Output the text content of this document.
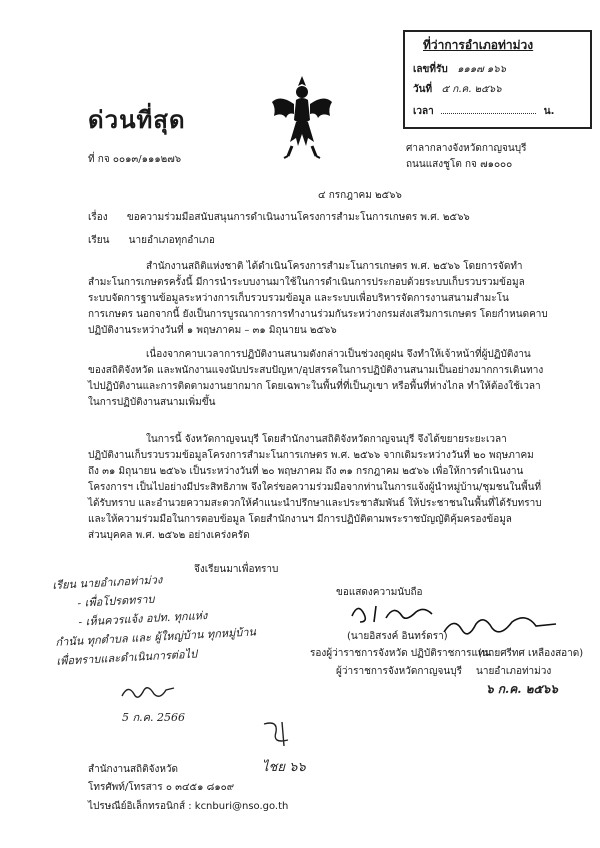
ที่ว่าการอำเภอท่าม่วง
เลขที่รับ ๑๑๑๗ ๑๖๖
วันที่ ๕ ก.ค. ๒๕๖๖
เวลา	น.
ด่วนที่สุด
ที่ กจ ๐๐๑๓/๑๑๑๒๗๖
ศาลากลางจังหวัดกาญจนบุรี
ถนนแสงชูโต กจ ๗๑๐๐๐
๔ กรกฎาคม ๒๕๖๖
เรื่อง ขอความร่วมมือสนับสนุนการดำเนินงานโครงการสำมะโนการเกษตร พ.ศ. ๒๕๖๖
เรียน นายอำเภอทุกอำเภอ
สำนักงานสถิติแห่งชาติ ได้ดำเนินโครงการสำมะโนการเกษตร พ.ศ. ๒๕๖๖ โดยการจัดทำ
สำมะโนการเกษตรครั้งนี้ มีการนำระบบงานมาใช้ในการดำเนินการประกอบด้วยระบบเก็บรวบรวมข้อมูล
ระบบจัดการฐานข้อมูลระหว่างการเก็บรวบรวมข้อมูล และระบบเพื่อบริหารจัดการงานสนามสำมะโน
การเกษตร นอกจากนี้ ยังเป็นการบูรณาการการทำงานร่วมกันระหว่างกรมส่งเสริมการเกษตร โดยกำหนดคาบ
ปฏิบัติงานระหว่างวันที่ ๑ พฤษภาคม – ๓๑ มิถุนายน ๒๕๖๖
เนื่องจากคาบเวลาการปฏิบัติงานสนามดังกล่าวเป็นช่วงฤดูฝน จึงทำให้เจ้าหน้าที่ผู้ปฏิบัติงาน
ของสถิติจังหวัด และพนักงานแจงนับประสบปัญหา/อุปสรรคในการปฏิบัติงานสนามเป็นอย่างมากการเดินทาง
ไปปฏิบัติงานและการติดตามงานยากมาก โดยเฉพาะในพื้นที่ที่เป็นภูเขา หรือพื้นที่ห่างไกล ทำให้ต้องใช้เวลา
ในการปฏิบัติงานสนามเพิ่มขึ้น
ในการนี้ จังหวัดกาญจนบุรี โดยสำนักงานสถิติจังหวัดกาญจนบุรี จึงได้ขยายระยะเวลา
ปฏิบัติงานเก็บรวบรวมข้อมูลโครงการสำมะโนการเกษตร พ.ศ. ๒๕๖๖ จากเดิมระหว่างวันที่ ๒๐ พฤษภาคม
ถึง ๓๑ มิถุนายน ๒๕๖๖ เป็นระหว่างวันที่ ๒๐ พฤษภาคม ถึง ๓๑ กรกฎาคม ๒๕๖๖ เพื่อให้การดำเนินงาน
โครงการฯ เป็นไปอย่างมีประสิทธิภาพ จึงใคร่ขอความร่วมมือจากท่านในการแจ้งผู้นำหมู่บ้าน/ชุมชนในพื้นที่
ได้รับทราบ และอำนวยความสะดวกให้คำแนะนำปรึกษาและประชาสัมพันธ์ ให้ประชาชนในพื้นที่ได้รับทราบ
และให้ความร่วมมือในการตอบข้อมูล โดยสำนักงานฯ มีการปฏิบัติตามพระราชบัญญัติคุ้มครองข้อมูล
ส่วนบุคคล พ.ศ. ๒๕๖๒ อย่างเคร่งครัด
จึงเรียนมาเพื่อทราบ
เรียน นายอำเภอท่าม่วง
- เพื่อโปรดทราบ
- เห็นควรแจ้ง อปท. ทุกแห่ง
กำนัน ทุกตำบล และ ผู้ใหญ่บ้าน ทุกหมู่บ้าน
เพื่อทราบและดำเนินการต่อไป
5 ก.ค. 2566
ไชย ๖๖
ขอแสดงความนับถือ
(นายอิสรงค์ อินทร์ดรา)
รองผู้ว่าราชการจังหวัด ปฏิบัติราชการแทน
ผู้ว่าราชการจังหวัดกาญจนบุรี
(นายศรีทศ เหลืองสอาด)
นายอำเภอท่าม่วง
๖ ก.ค. ๒๕๖๖
สำนักงานสถิติจังหวัด
โทรศัพท์/โทรสาร ๐ ๓๔๕๑ ๘๑๐๙
ไปรษณีย์อิเล็กทรอนิกส์ : kcnburi@nso.go.th
